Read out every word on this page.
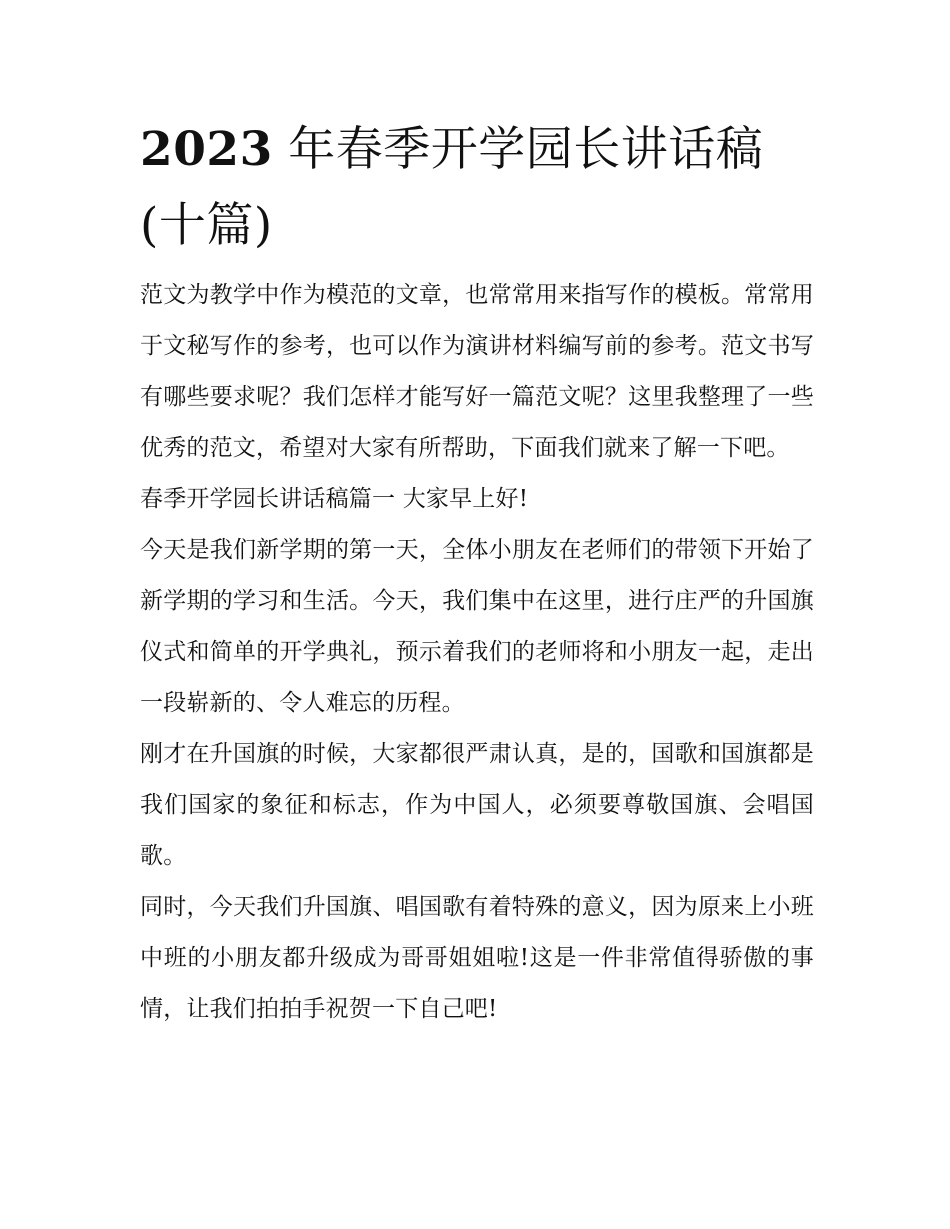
2023 年春季开学园长讲话稿(十篇)

范文为教学中作为模范的文章，也常常用来指写作的模板。常常用于文秘写作的参考，也可以作为演讲材料编写前的参考。范文书写有哪些要求呢？我们怎样才能写好一篇范文呢？这里我整理了一些优秀的范文，希望对大家有所帮助，下面我们就来了解一下吧。

春季开学园长讲话稿篇一 大家早上好!

今天是我们新学期的第一天，全体小朋友在老师们的带领下开始了新学期的学习和生活。今天，我们集中在这里，进行庄严的升国旗仪式和简单的开学典礼，预示着我们的老师将和小朋友一起，走出一段崭新的、令人难忘的历程。

刚才在升国旗的时候，大家都很严肃认真，是的，国歌和国旗都是我们国家的象征和标志，作为中国人，必须要尊敬国旗、会唱国歌。

同时，今天我们升国旗、唱国歌有着特殊的意义，因为原来上小班中班的小朋友都升级成为哥哥姐姐啦!这是一件非常值得骄傲的事情，让我们拍拍手祝贺一下自己吧!
